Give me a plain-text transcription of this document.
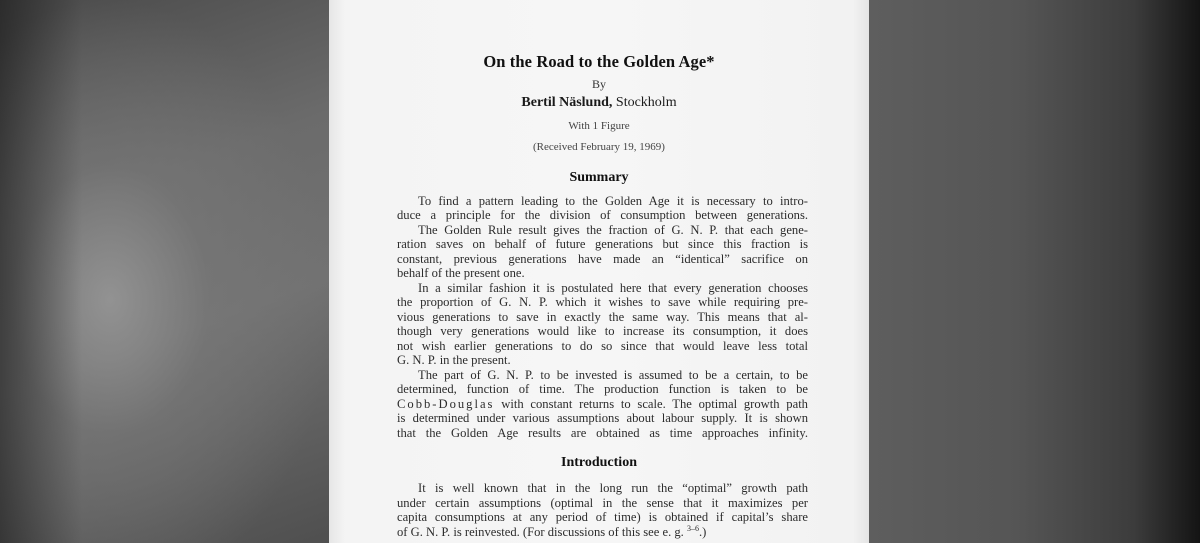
On the Road to the Golden Age*
By
Bertil Näslund, Stockholm
With 1 Figure
(Received February 19, 1969)
Summary
To find a pattern leading to the Golden Age it is necessary to intro-
duce a principle for the division of consumption between generations.
The Golden Rule result gives the fraction of G. N. P. that each gene-
ration saves on behalf of future generations but since this fraction is
constant, previous generations have made an “identical” sacrifice on
behalf of the present one.
In a similar fashion it is postulated here that every generation chooses
the proportion of G. N. P. which it wishes to save while requiring pre-
vious generations to save in exactly the same way. This means that al-
though very generations would like to increase its consumption, it does
not wish earlier generations to do so since that would leave less total
G. N. P. in the present.
The part of G. N. P. to be invested is assumed to be a certain, to be
determined, function of time. The production function is taken to be
Cobb-Douglas with constant returns to scale. The optimal growth path
is determined under various assumptions about labour supply. It is shown
that the Golden Age results are obtained as time approaches infinity.
Introduction
It is well known that in the long run the “optimal” growth path
under certain assumptions (optimal in the sense that it maximizes per
capita consumptions at any period of time) is obtained if capital’s share
of G. N. P. is reinvested. (For discussions of this see e. g. $^{3-6}$.)
